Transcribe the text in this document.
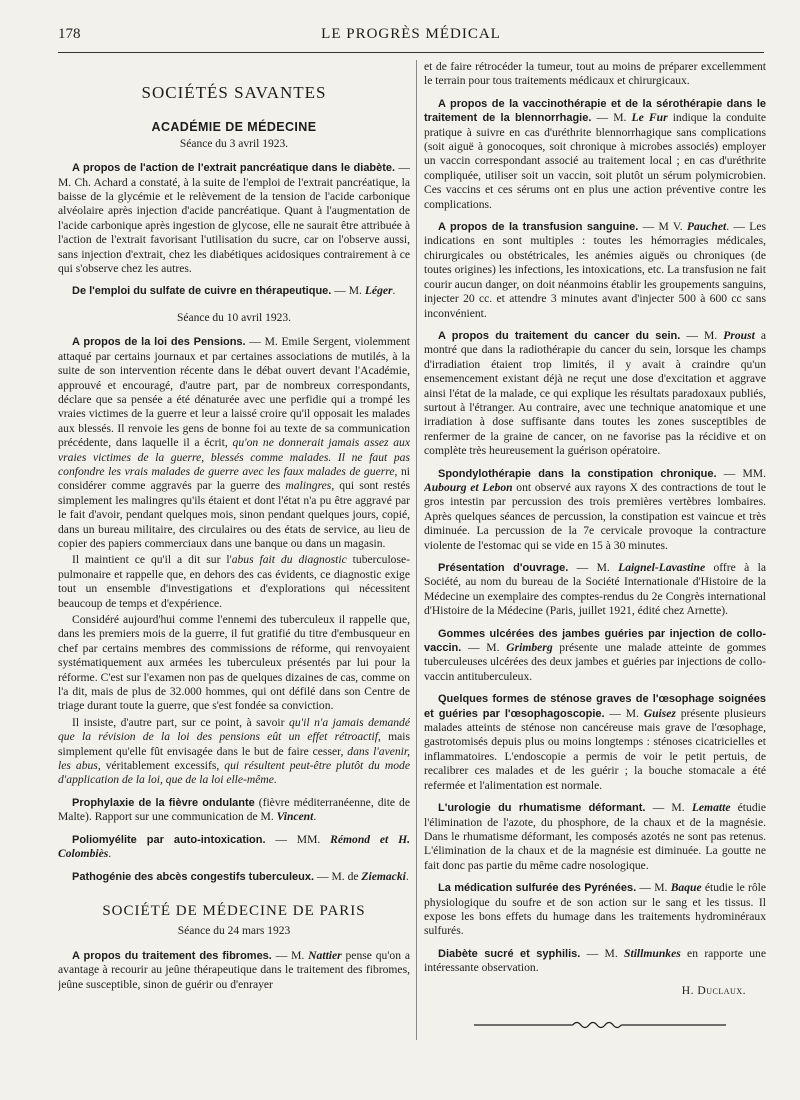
178	LE PROGRÈS MÉDICAL
SOCIÉTÉS SAVANTES
ACADÉMIE DE MÉDECINE
Séance du 3 avril 1923.

A propos de l'action de l'extrait pancréatique dans le diabète. — M. Ch. Achard a constaté, à la suite de l'emploi de l'extrait pancréatique, la baisse de la glycémie et le relèvement de la tension de l'acide carbonique alvéolaire après injection d'acide pancréatique. Quant à l'augmentation de l'acide carbonique après ingestion de glycose, elle ne saurait être attribuée à l'action de l'extrait favorisant l'utilisation du sucre, car on l'observe aussi, sans injection d'extrait, chez les diabétiques acidosiques contrairement à ce qui s'observe chez les autres.

De l'emploi du sulfate de cuivre en thérapeutique. — M. Léger.

Séance du 10 avril 1923.

A propos de la loi des Pensions. — M. Emile Sergent, violemment attaqué par certains journaux et par certaines associations de mutilés, à la suite de son intervention récente dans le débat ouvert devant l'Académie, approuvé et encouragé, d'autre part, par de nombreux correspondants, déclare que sa pensée a été dénaturée avec une perfidie qui a trompé les vraies victimes de la guerre et leur a laissé croire qu'il opposait les malades aux blessés. Il renvoie les gens de bonne foi au texte de sa communication précédente, dans laquelle il a écrit, qu'on ne donnerait jamais assez aux vraies victimes de la guerre, blessés comme malades. Il ne faut pas confondre les vrais malades de guerre avec les faux malades de guerre, ni considérer comme aggravés par la guerre des malingres, qui sont restés simplement les malingres qu'ils étaient et dont l'état n'a pu être aggravé par le fait d'avoir, pendant quelques mois, sinon pendant quelques jours, copié, dans un bureau militaire, des circulaires ou des états de service, au lieu de copier des papiers commerciaux dans une banque ou dans un magasin.

Il maintient ce qu'il a dit sur l'abus fait du diagnostic tuberculose-pulmonaire et rappelle que, en dehors des cas évidents, ce diagnostic exige tout un ensemble d'investigations et d'explorations qui nécessitent beaucoup de temps et d'expérience.

Considéré aujourd'hui comme l'ennemi des tuberculeux il rappelle que, dans les premiers mois de la guerre, il fut gratifié du titre d'embusqueur en chef par certains membres des commissions de réforme, qui renvoyaient systématiquement aux armées les tuberculeux présentés par lui pour la réforme. C'est sur l'examen non pas de quelques dizaines de cas, comme on l'a dit, mais de plus de 32.000 hommes, qui ont défilé dans son Centre de triage durant toute la guerre, que s'est fondée sa conviction.

Il insiste, d'autre part, sur ce point, à savoir qu'il n'a jamais demandé que la révision de la loi des pensions eût un effet rétroactif, mais simplement qu'elle fût envisagée dans le but de faire cesser, dans l'avenir, les abus, véritablement excessifs, qui résultent peut-être plutôt du mode d'application de la loi, que de la loi elle-même.

Prophylaxie de la fièvre ondulante (fièvre méditerranéenne, dite de Malte). Rapport sur une communication de M. Vincent.

Poliomyélite par auto-intoxication. — MM. Rémond et H. Colombiès.

Pathogénie des abcès congestifs tuberculeux. — M. de Ziemacki.

SOCIÉTÉ DE MÉDECINE DE PARIS
Séance du 24 mars 1923

A propos du traitement des fibromes. — M. Nattier pense qu'on a avantage à recourir au jeûne thérapeutique dans le traitement des fibromes, jeûne susceptible, sinon de guérir ou d'enrayer

et de faire rétrocéder la tumeur, tout au moins de préparer excellemment le terrain pour tous traitements médicaux et chirurgicaux.

A propos de la vaccinothérapie et de la sérothérapie dans le traitement de la blennorrhagie. — M. Le Fur indique la conduite pratique à suivre en cas d'uréthrite blennorrhagique sans complications (soit aiguë à gonocoques, soit chronique à microbes associés) employer un vaccin correspondant associé au traitement local ; en cas d'uréthrite compliquée, utiliser soit un vaccin, soit plutôt un sérum polymicrobien. Ces vaccins et ces sérums ont en plus une action préventive contre les complications.

A propos de la transfusion sanguine. — M V. Pauchet. — Les indications en sont multiples : toutes les hémorragies médicales, chirurgicales ou obstétricales, les anémies aiguës ou chroniques (de toutes origines) les infections, les intoxications, etc. La transfusion ne fait courir aucun danger, on doit néanmoins établir les groupements sanguins, injecter 20 cc. et attendre 3 minutes avant d'injecter 500 à 600 cc sans inconvénient.

A propos du traitement du cancer du sein. — M. Proust a montré que dans la radiothérapie du cancer du sein, lorsque les champs d'irradiation étaient trop limités, il y avait à craindre qu'un ensemencement existant déjà ne reçut une dose d'excitation et aggrave ainsi l'état de la malade, ce qui explique les résultats paradoxaux publiés, surtout à l'étranger. Au contraire, avec une technique anatomique et une irradiation à dose suffisante dans toutes les zones susceptibles de renfermer de la graine de cancer, on ne favorise pas la récidive et on complète très heureusement la guérison opératoire.

Spondylothérapie dans la constipation chronique. — MM. Aubourg et Lebon ont observé aux rayons X des contractions de tout le gros intestin par percussion des trois premières vertèbres lombaires. Après quelques séances de percussion, la constipation est vaincue et très diminuée. La percussion de la 7e cervicale provoque la contracture violente de l'estomac qui se vide en 15 à 30 minutes.

Présentation d'ouvrage. — M. Laignel-Lavastine offre à la Société, au nom du bureau de la Société Internationale d'Histoire de la Médecine un exemplaire des comptes-rendus du 2e Congrès international d'Histoire de la Médecine (Paris, juillet 1921, édité chez Arnette).

Gommes ulcérées des jambes guéries par injection de collo-vaccin. — M. Grimberg présente une malade atteinte de gommes tuberculeuses ulcérées des deux jambes et guéries par injections de collo-vaccin antituberculeux.

Quelques formes de sténose graves de l'œsophage soignées et guéries par l'œsophagoscopie. — M. Guisez présente plusieurs malades atteints de sténose non cancéreuse mais grave de l'œsophage, gastrotomisés depuis plus ou moins longtemps : sténoses cicatricielles et inflammatoires. L'endoscopie a permis de voir le petit pertuis, de recalibrer ces malades et de les guérir ; la bouche stomacale a été refermée et l'alimentation est normale.

L'urologie du rhumatisme déformant. — M. Lematte étudie l'élimination de l'azote, du phosphore, de la chaux et de la magnésie. Dans le rhumatisme déformant, les composés azotés ne sont pas retenus. L'élimination de la chaux et de la magnésie est diminuée. La goutte ne fait donc pas partie du même cadre nosologique.

La médication sulfurée des Pyrénées. — M. Baque étudie le rôle physiologique du soufre et de son action sur le sang et les tissus. Il expose les bons effets du humage dans les traitements hydrominéraux sulfurés.

Diabète sucré et syphilis. — M. Stillmunkes en rapporte une intéressante observation.

H. Duclaux.
